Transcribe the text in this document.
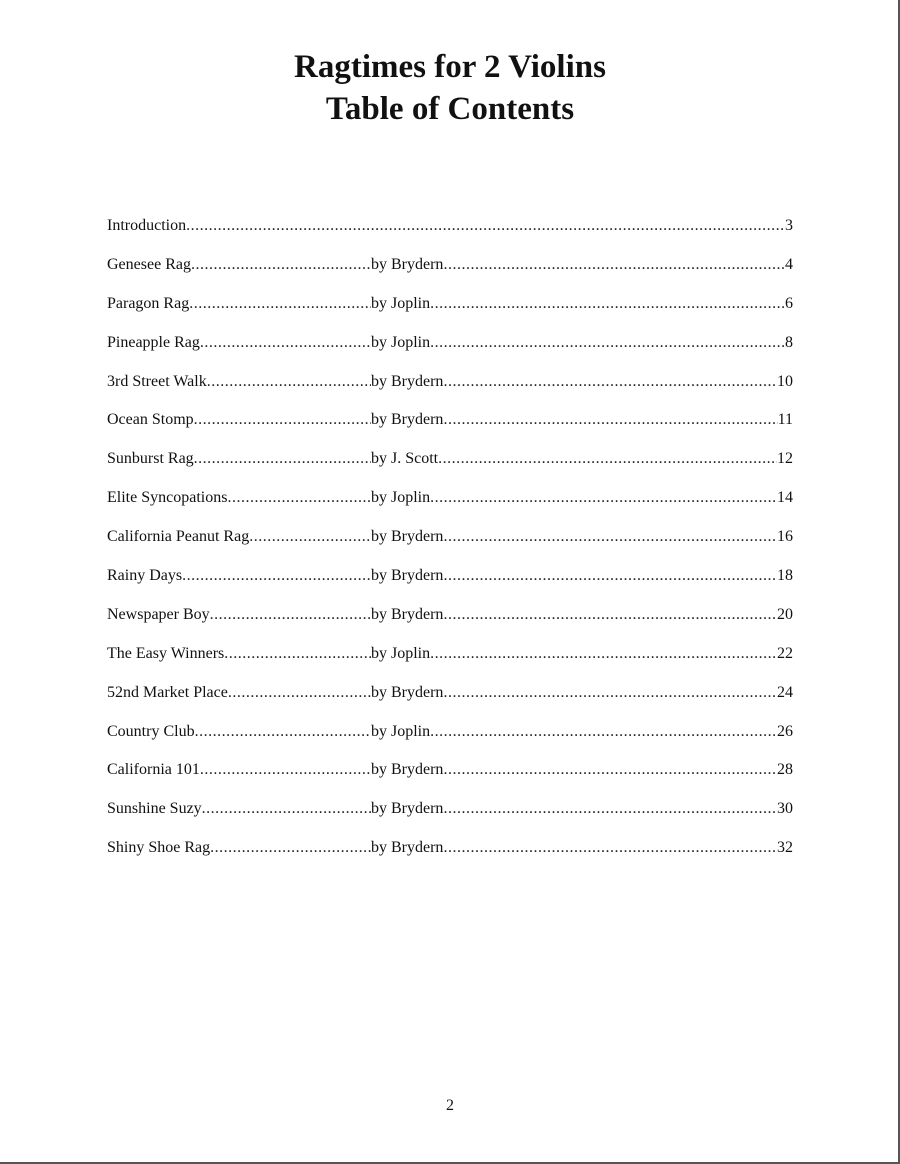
Ragtimes for 2 Violins
Table of Contents
Introduction .....	3
Genesee Rag .....	by Brydern .....	4
Paragon Rag .....	by Joplin .....	6
Pineapple Rag .....	by Joplin .....	8
3rd Street Walk .....	by Brydern .....	10
Ocean Stomp .....	by Brydern .....	11
Sunburst Rag .....	by J. Scott .....	12
Elite Syncopations .....	by Joplin .....	14
California Peanut Rag .....	by Brydern .....	16
Rainy Days .....	by Brydern .....	18
Newspaper Boy .....	by Brydern .....	20
The Easy Winners .....	by Joplin .....	22
52nd Market Place .....	by Brydern .....	24
Country Club .....	by Joplin .....	26
California 101 .....	by Brydern .....	28
Sunshine Suzy .....	by Brydern .....	30
Shiny Shoe Rag .....	by Brydern .....	32
2
